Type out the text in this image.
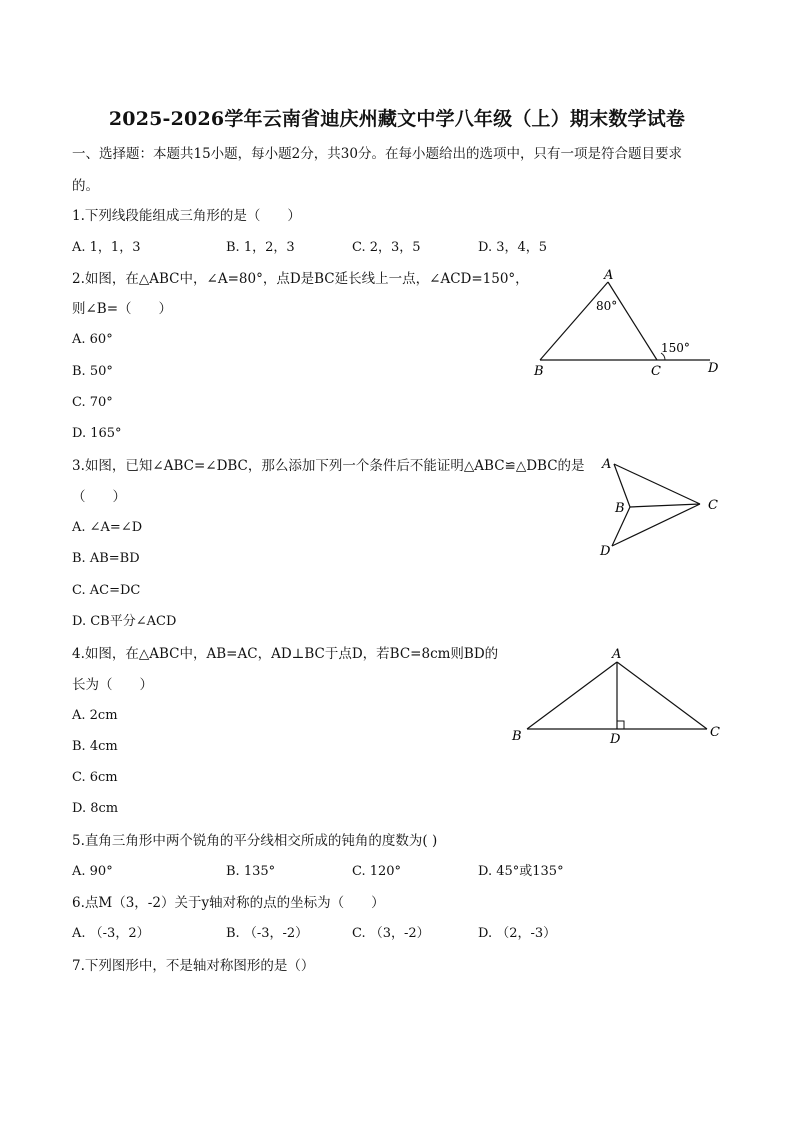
2025-2026学年云南省迪庆州藏文中学八年级（上）期末数学试卷
一、选择题：本题共15小题，每小题2分，共30分。在每小题给出的选项中，只有一项是符合题目要求
的。
1.下列线段能组成三角形的是（　　）
A. 1，1，3	B. 1，2，3	C. 2，3，5	D. 3，4，5
2.如图，在△ABC中，∠A=80°，点D是BC延长线上一点，∠ACD=150°，
则∠B=（　　）
A. 60°
B. 50°
C. 70°
D. 165°
A
B	C	D
80°
150°
3.如图，已知∠ABC=∠DBC，那么添加下列一个条件后不能证明△ABC≌△DBC的是
（　　）
A. ∠A=∠D
B. AB=BD
C. AC=DC
D. CB平分∠ACD
A
B	C
D
4.如图，在△ABC中，AB=AC，AD⊥BC于点D，若BC=8cm则BD的
长为（　　）
A. 2cm
B. 4cm
C. 6cm
D. 8cm
A
B	C
D
5.直角三角形中两个锐角的平分线相交所成的钝角的度数为( )
A. 90°	B. 135°	C. 120°	D. 45°或135°
6.点M（3，-2）关于y轴对称的点的坐标为（　　）
A. （-3，2）	B. （-3，-2）	C. （3，-2）	D. （2，-3）
7.下列图形中，不是轴对称图形的是（）
